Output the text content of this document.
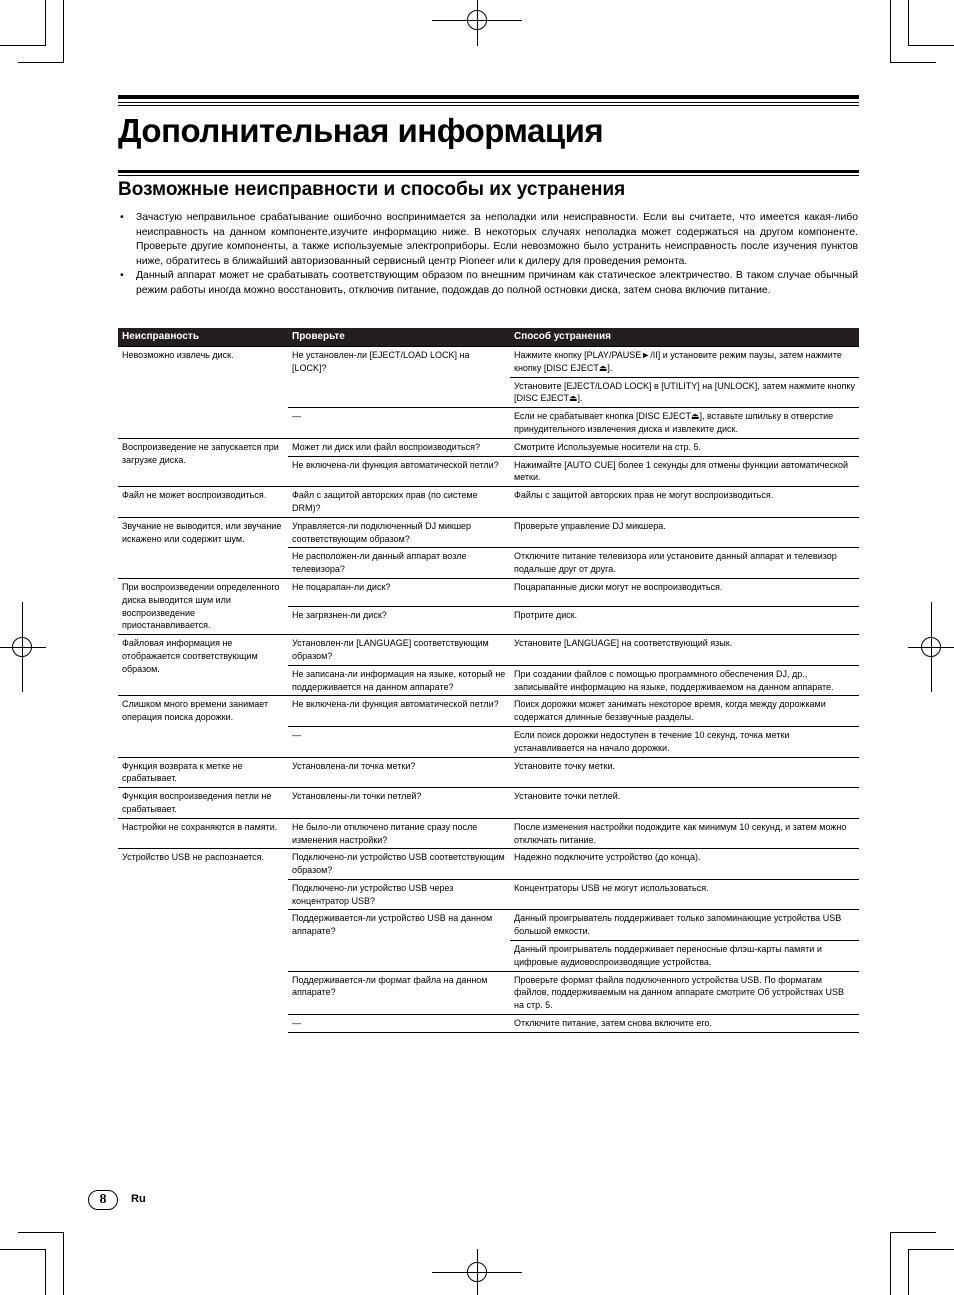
Дополнительная информация
Возможные неисправности и способы их устранения
• Зачастую неправильное срабатывание ошибочно воспринимается за неполадки или неисправности. Если вы считаете, что имеется какая-либо неисправность на данном компоненте,изучите информацию ниже. В некоторых случаях неполадка может содержаться на другом компоненте. Проверьте другие компоненты, а также используемые электроприборы. Если невозможно было устранить неисправность после изучения пунктов ниже, обратитесь в ближайший авторизованный сервисный центр Pioneer или к дилеру для проведения ремонта.
• Данный аппарат может не срабатывать соответствующим образом по внешним причинам как статическое электричество. В таком случае обычный режим работы иногда можно восстановить, отключив питание, подождав до полной остновки диска, затем снова включив питание.
Неисправность	Проверьте	Способ устранения
Невозможно извлечь диск.	Не установлен-ли [EJECT/LOAD LOCK] на [LOCK]?	Нажмите кнопку [PLAY/PAUSE►/II] и установите режим паузы, затем нажмите кнопку [DISC EJECT⏏].
		Установите [EJECT/LOAD LOCK] в [UTILITY] на [UNLOCK], затем нажмите кнопку [DISC EJECT⏏].
	—	Если не срабатывает кнопка [DISC EJECT⏏], вставьте шпильку в отверстие принудительного извлечения диска и извлеките диск.
Воспроизведение не запускается при загрузке диска.	Может ли диск или файл воспроизводиться?	Смотрите Используемые носители на стр. 5.
	Не включена-ли функция автоматической петли?	Нажимайте [AUTO CUE] более 1 секунды для отмены функции автоматической метки.
Файл не может воспроизводиться.	Файл с защитой авторских прав (по системе DRM)?	Файлы с защитой авторских прав не могут воспроизводиться.
Звучание не выводится, или звучание искажено или содержит шум.	Управляется-ли подключенный DJ микшер соответствующим образом?	Проверьте управление DJ микшера.
	Не расположен-ли данный аппарат возле телевизора?	Отключите питание телевизора или установите данный аппарат и телевизор подальше друг от друга.
При воспроизведении определенного диска выводится шум или воспроизведение приостанавливается.	Не поцарапан-ли диск?	Поцарапанные диски могут не воспроизводиться.
	Не загрязнен-ли диск?	Протрите диск.
Файловая информация не отображается соответствующим образом.	Установлен-ли [LANGUAGE] соответствующим образом?	Установите [LANGUAGE] на соответствующий язык.
	Не записана-ли информация на языке, который не поддерживается на данном аппарате?	При создании файлов с помощью программного обеспечения DJ, др., записывайте информацию на языке, поддерживаемом на данном аппарате.
Слишком много времени занимает операция поиска дорожки.	Не включена-ли функция автоматической петли?	Поиск дорожки может занимать некоторое время, когда между дорожками содержатся длинные беззвучные разделы.
	—	Если поиск дорожки недоступен в течение 10 секунд, точка метки устанавливается на начало дорожки.
Функция возврата к метке не срабатывает.	Установлена-ли точка метки?	Установите точку метки.
Функция воспроизведения петли не срабатывает.	Установлены-ли точки петлей?	Установите точки петлей.
Настройки не сохраняются в памяти.	Не было-ли отключено питание сразу после изменения настройки?	После изменения настройки подождите как минимум 10 секунд, и затем можно отключать питание.
Устройство USB не распознается.	Подключено-ли устройство USB соответствующим образом?	Надежно подключите устройство (до конца).
	Подключено-ли устройство USB через концентратор USB?	Концентраторы USB не могут использоваться.
	Поддерживается-ли устройство USB на данном аппарате?	Данный проигрыватель поддерживает только запоминающие устройства USB большой емкости.
		Данный проигрыватель поддерживает переносные флэш-карты памяти и цифровые аудиовоспроизводящие устройства.
	Поддерживается-ли формат файла на данном аппарате?	Проверьте формат файла подключенного устройства USB. По форматам файлов, поддерживаемым на данном аппарате смотрите Об устройствах USB на стр. 5.
	—	Отключите питание, затем снова включите его.
8	Ru
